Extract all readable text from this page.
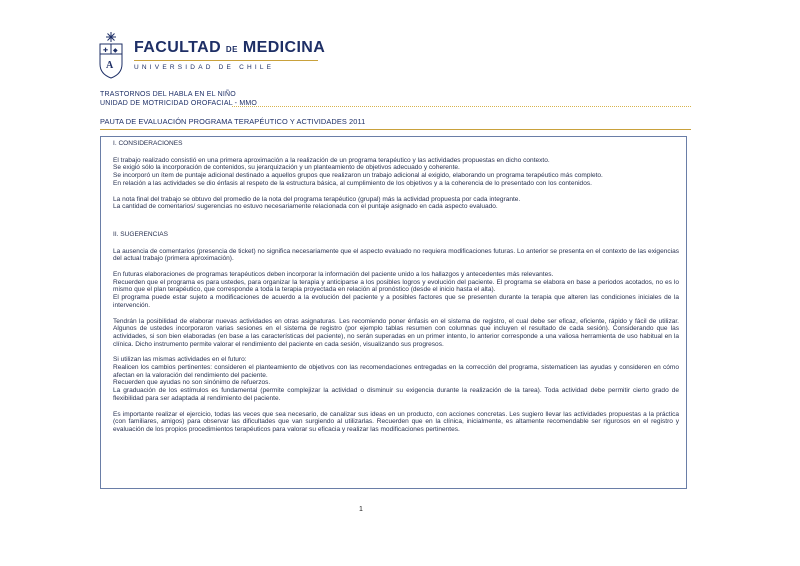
✚ ◆
A
FACULTAD DE MEDICINA
UNIVERSIDAD DE CHILE
TRASTORNOS DEL HABLA EN EL NIÑO
UNIDAD DE MOTRICIDAD OROFACIAL - MMO
PAUTA DE EVALUACIÓN PROGRAMA TERAPÉUTICO Y ACTIVIDADES 2011

I. CONSIDERACIONES

El trabajo realizado consistió en una primera aproximación a la realización de un programa terapéutico y las actividades propuestas en dicho contexto.

Se exigió sólo la incorporación de contenidos, su jerarquización y un planteamiento de objetivos adecuado y coherente.

Se incorporó un ítem de puntaje adicional destinado a aquellos grupos que realizaron un trabajo adicional al exigido, elaborando un programa terapéutico más completo.

En relación a las actividades se dio énfasis al respeto de la estructura básica, al cumplimiento de los objetivos y a la coherencia de lo presentado con los contenidos.

La nota final del trabajo se obtuvo del promedio de la nota del programa terapéutico (grupal) más la actividad propuesta por cada integrante.

La cantidad de comentarios/ sugerencias no estuvo necesariamente relacionada con el puntaje asignado en cada aspecto evaluado.

II. SUGERENCIAS

La ausencia de comentarios (presencia de ticket) no significa necesariamente que el aspecto evaluado no requiera modificaciones futuras. Lo anterior se presenta en el contexto de las exigencias del actual trabajo (primera aproximación).

En futuras elaboraciones de programas terapéuticos deben incorporar la información del paciente unido a los hallazgos y antecedentes más relevantes.

Recuerden que el programa es para ustedes, para organizar la terapia y anticiparse a los posibles logros y evolución del paciente. El programa se elabora en base a periodos acotados, no es lo mismo que el plan terapéutico, que corresponde a toda la terapia proyectada en relación al pronóstico (desde el inicio hasta el alta).

El programa puede estar sujeto a modificaciones de acuerdo a la evolución del paciente y a posibles factores que se presenten durante la terapia que alteren las condiciones iniciales de la intervención.

Tendrán la posibilidad de elaborar nuevas actividades en otras asignaturas. Les recomiendo poner énfasis en el sistema de registro, el cual debe ser eficaz, eficiente, rápido y fácil de utilizar. Algunos de ustedes incorporaron varias sesiones en el sistema de registro (por ejemplo tablas resumen con columnas que incluyen el resultado de cada sesión). Considerando que las actividades, si son bien elaboradas (en base a las características del paciente), no serán superadas en un primer intento, lo anterior corresponde a una valiosa herramienta de uso habitual en la clínica. Dicho instrumento permite valorar el rendimiento del paciente en cada sesión, visualizando sus progresos.

Si utilizan las mismas actividades en el futuro:

Realicen los cambios pertinentes: consideren el planteamiento de objetivos con las recomendaciones entregadas en la corrección del programa, sistematicen las ayudas y consideren en cómo afectan en la valoración del rendimiento del paciente.

Recuerden que ayudas no son sinónimo de refuerzos.

La graduación de los estímulos es fundamental (permite complejizar la actividad o disminuir su exigencia durante la realización de la tarea). Toda actividad debe permitir cierto grado de flexibilidad para ser adaptada al rendimiento del paciente.

Es importante realizar el ejercicio, todas las veces que sea necesario, de canalizar sus ideas en un producto, con acciones concretas. Les sugiero llevar las actividades propuestas a la práctica (con familiares, amigos) para observar las dificultades que van surgiendo al utilizarlas. Recuerden que en la clínica, inicialmente, es altamente recomendable ser rigurosos en el registro y evaluación de los propios procedimientos terapéuticos para valorar su eficacia y realizar las modificaciones pertinentes.

1
